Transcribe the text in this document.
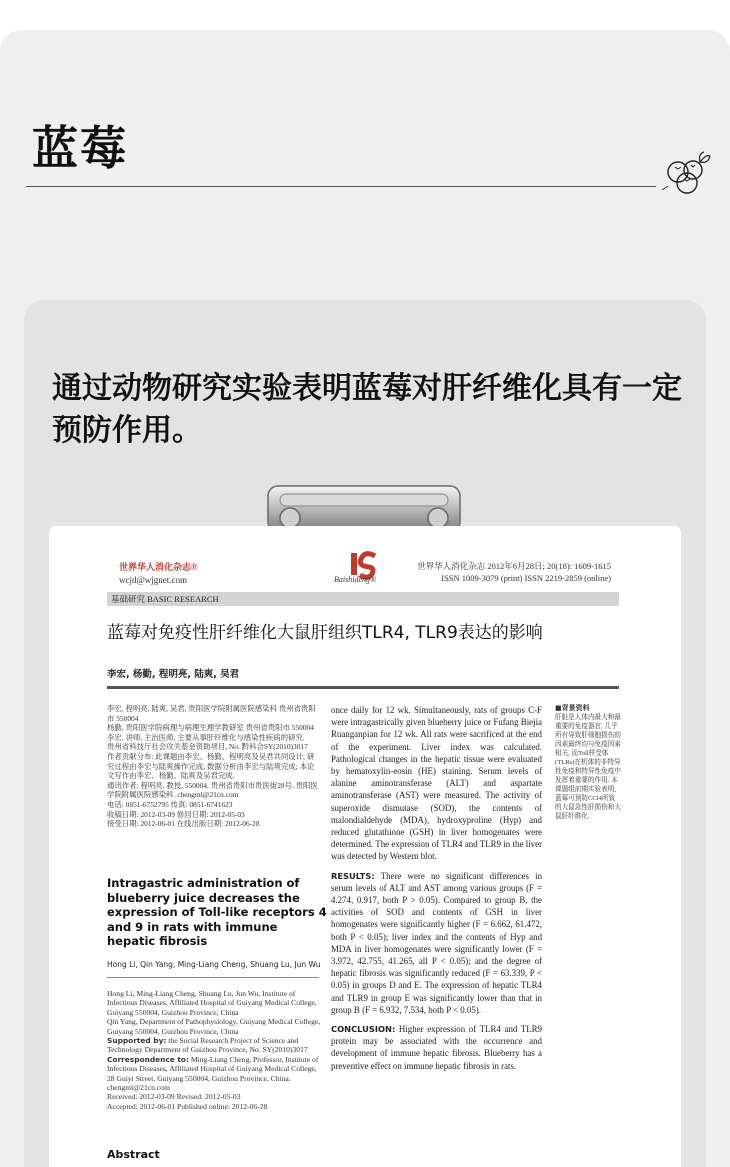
蓝莓
通过动物研究实验表明蓝莓对肝纤维化具有一定预防作用。
世界华人消化杂志®
wcjd@wjgnet.com	Baishideng®
世界华人消化杂志 2012年6月28日; 20(18): 1609-1615
ISSN 1009-3079 (print) ISSN 2219-2859 (online)
基础研究 BASIC RESEARCH
蓝莓对免疫性肝纤维化大鼠肝组织TLR4, TLR9表达的影响
李宏, 杨勤, 程明亮, 陆爽, 吴君

李宏, 程明亮, 陆爽, 吴君, 贵阳医学院附属医院感染科 贵州省贵阳市 550004

杨勤, 贵阳医学院病理与病理生理学教研室 贵州省贵阳市 550004

李宏, 讲师, 主治医师, 主要从事肝纤维化与感染性疾病的研究.

贵州省科技厅社会攻关基金资助项目, No. 黔科合SY(2010)3017

作者贡献分布: 此课题由李宏、杨勤、程明亮及吴君共同设计; 研究过程由李宏与陆爽操作完成; 数据分析由李宏与陆爽完成; 本论文写作由李宏、杨勤、陆爽及吴君完成.

通讯作者: 程明亮, 教授, 550004, 贵州省贵阳市贵医街28号, 贵阳医学院附属医院感染科. chengml@21cn.com

电话: 0851-6752795 传真: 0851-6741623

收稿日期: 2012-03-09 修回日期: 2012-05-03

接受日期: 2012-06-01 在线出版日期: 2012-06-28

Intragastric administration of blueberry juice decreases the expression of Toll-like receptors 4 and 9 in rats with immune hepatic fibrosis
Hong Li, Qin Yang, Ming-Liang Cheng, Shuang Lu, Jun Wu
Hong Li, Ming-Liang Cheng, Shuang Lu, Jun Wu, Institute of Infectious Diseases, Affiliated Hospital of Guiyang Medical College, Guiyang 550004, Guizhou Province, China
Qin Yang, Department of Pathophysiology, Guiyang Medical College, Guiyang 550004, Guizhou Province, China
Supported by: the Social Research Project of Science and Technology Department of Guizhou Province, No. SY(2010)3017
Correspondence to: Ming-Liang Cheng, Professor, Institute of Infectious Diseases, Affiliated Hospital of Guiyang Medical College, 28 Guiyi Street, Guiyang 550004, Guizhou Province, China. chengml@21cn.com
Received: 2012-03-09 Revised: 2012-05-03
Accepted: 2012-06-01 Published online: 2012-06-28
Abstract

once daily for 12 wk. Simultaneously, rats of groups C-F were intragastrically given blueberry juice or Fufang Biejia Ruanganpian for 12 wk. All rats were sacrificed at the end of the experiment. Liver index was calculated. Pathological changes in the hepatic tissue were evaluated by hematoxylin-eosin (HE) staining. Serum levels of alanine aminotransferase (ALT) and aspartate aminotransferase (AST) were measured. The activity of superoxide dismutase (SOD), the contents of malondialdehyde (MDA), hydroxyproline (Hyp) and reduced glutathione (GSH) in liver homogenates were determined. The expression of TLR4 and TLR9 in the liver was detected by Western blot.

RESULTS: There were no significant differences in serum levels of ALT and AST among various groups (F = 4.274, 0.917, both P > 0.05). Compared to group B, the activities of SOD and contents of GSH in liver homogenates were significantly higher (F = 6.662, 61.472, both P < 0.05); liver index and the contents of Hyp and MDA in liver homogenates were significantly lower (F = 3.972, 42.755, 41.265, all P < 0.05); and the degree of hepatic fibrosis was significantly reduced (F = 63.339, P < 0.05) in groups D and E. The expression of hepatic TLR4 and TLR9 in group E was significantly lower than that in group B (F = 6.932, 7.534, both P < 0.05).

CONCLUSION: Higher expression of TLR4 and TLR9 protein may be associated with the occurrence and development of immune hepatic fibrosis. Blueberry has a preventive effect on immune hepatic fibrosis in rats.

■背景资料
肝脏是人体内最大和最重要的免疫器官, 几乎所有导致肝细胞损伤的因素最终均与免疫因素相关, 而Toll样受体(TLRs)在机体的非特异性免疫和特异性免疫中发挥着重要的作用. 本课题组前期实验表明, 蓝莓可预防CCl4所致的大鼠急性肝损伤和大鼠肝纤维化.
